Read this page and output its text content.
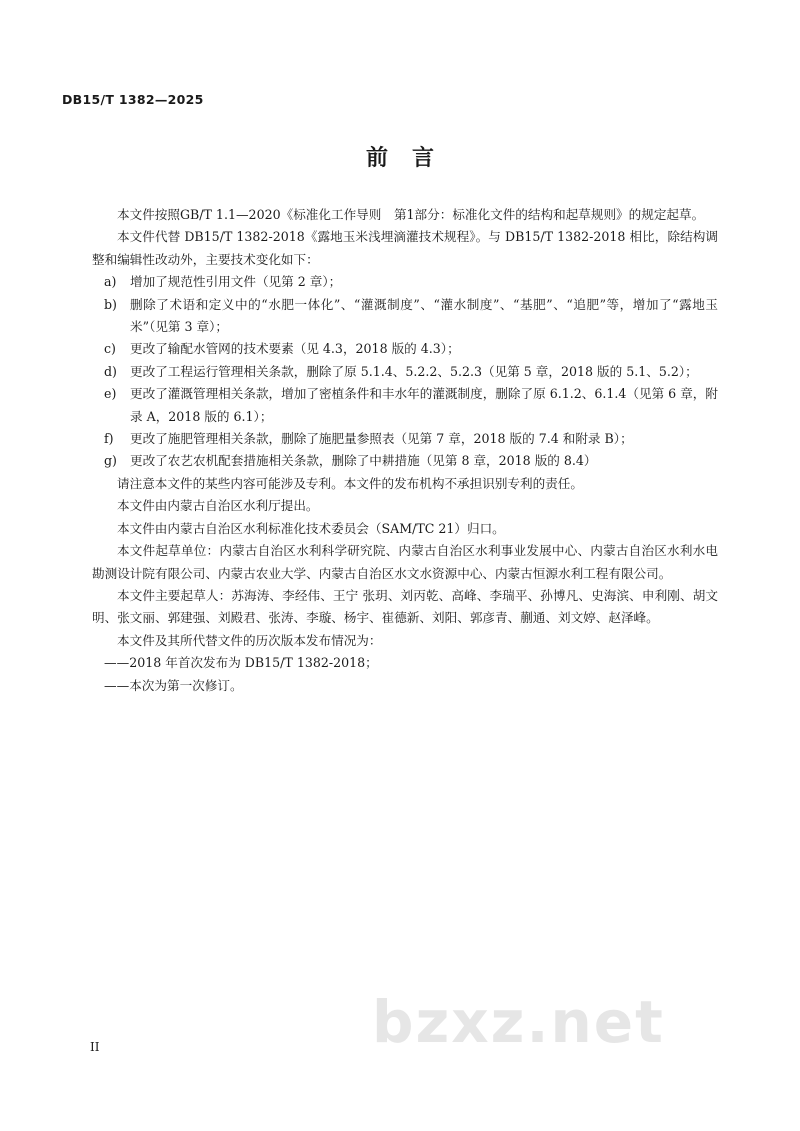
DB15/T 1382—2025
前 言

本文件按照GB/T 1.1—2020《标准化工作导则　第1部分：标准化文件的结构和起草规则》的规定起草。

本文件代替 DB15/T 1382-2018《露地玉米浅埋滴灌技术规程》。与 DB15/T 1382-2018 相比，除结构调整和编辑性改动外，主要技术变化如下：

a)	增加了规范性引用文件（见第 2 章）；
b)	删除了术语和定义中的“水肥一体化”、“灌溉制度”、“灌水制度”、“基肥”、“追肥”等，增加了“露地玉米”（见第 3 章）；
c)	更改了输配水管网的技术要素（见 4.3，2018 版的 4.3）；
d)	更改了工程运行管理相关条款，删除了原 5.1.4、5.2.2、5.2.3（见第 5 章，2018 版的 5.1、5.2）；
e)	更改了灌溉管理相关条款，增加了密植条件和丰水年的灌溉制度，删除了原 6.1.2、6.1.4（见第 6 章，附录 A，2018 版的 6.1）；
f)	更改了施肥管理相关条款，删除了施肥量参照表（见第 7 章，2018 版的 7.4 和附录 B）；
g)	更改了农艺农机配套措施相关条款，删除了中耕措施（见第 8 章，2018 版的 8.4）

请注意本文件的某些内容可能涉及专利。本文件的发布机构不承担识别专利的责任。

本文件由内蒙古自治区水利厅提出。

本文件由内蒙古自治区水利标准化技术委员会（SAM/TC 21）归口。

本文件起草单位：内蒙古自治区水利科学研究院、内蒙古自治区水利事业发展中心、内蒙古自治区水利水电勘测设计院有限公司、内蒙古农业大学、内蒙古自治区水文水资源中心、内蒙古恒源水利工程有限公司。

本文件主要起草人：苏海涛、李经伟、王宁 张玥、刘丙乾、高峰、李瑞平、孙博凡、史海滨、申利刚、胡文明、张文丽、郭建强、刘殿君、张涛、李璇、杨宇、崔德新、刘阳、郭彦青、蒯通、刘文婷、赵泽峰。

本文件及其所代替文件的历次版本发布情况为：

——2018 年首次发布为 DB15/T 1382-2018；

——本次为第一次修订。

bzxz.net
II
